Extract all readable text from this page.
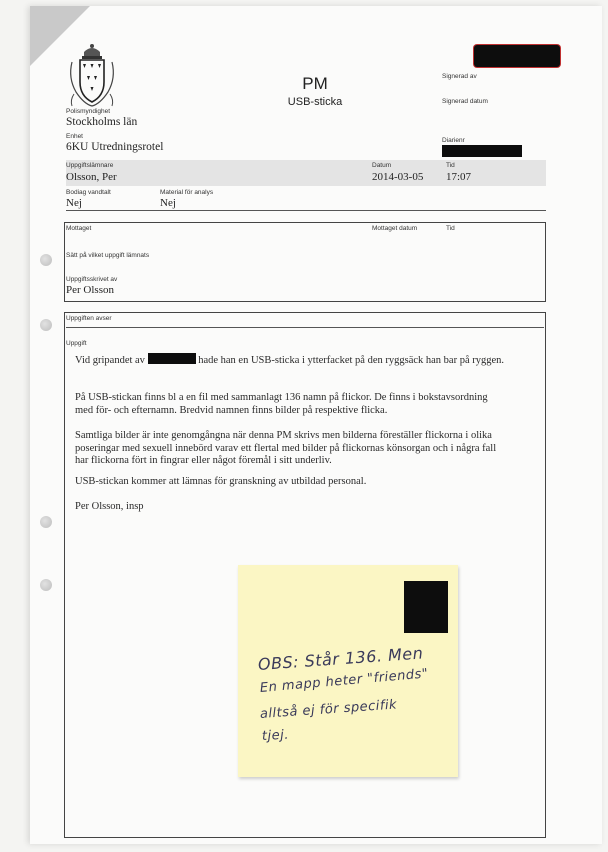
Polismyndighet
Stockholms län
PM
USB-sticka
Signerad av
Signerad datum
Enhet
6KU Utredningsrotel
Diarienr
Uppgiftslämnare
Olsson, Per
Datum
2014-03-05
Tid
17:07
Bodiag vandtalt
Nej
Material för analys
Nej
Mottaget	Mottaget datum	Tid
Sätt på vilket uppgift lämnats
Uppgiftsskrivet av
Per Olsson
Uppgiften avser
Uppgift

Vid gripandet av	hade han en USB-sticka i ytterfacket på den ryggsäck han bar på ryggen.

På USB-stickan finns bl a en fil med sammanlagt 136 namn på flickor. De finns i bokstavsordning med för- och efternamn. Bredvid namnen finns bilder på respektive flicka.
Samtliga bilder är inte genomgångna när denna PM skrivs men bilderna föreställer flickorna i olika poseringar med sexuell innebörd varav ett flertal med bilder på flickornas könsorgan och i några fall har flickorna fört in fingrar eller något föremål i sitt underliv.
USB-stickan kommer att lämnas för granskning av utbildad personal.
Per Olsson, insp
OBS: Står 136. Men
En mapp heter "friends"
alltså ej för specifik
tjej.
